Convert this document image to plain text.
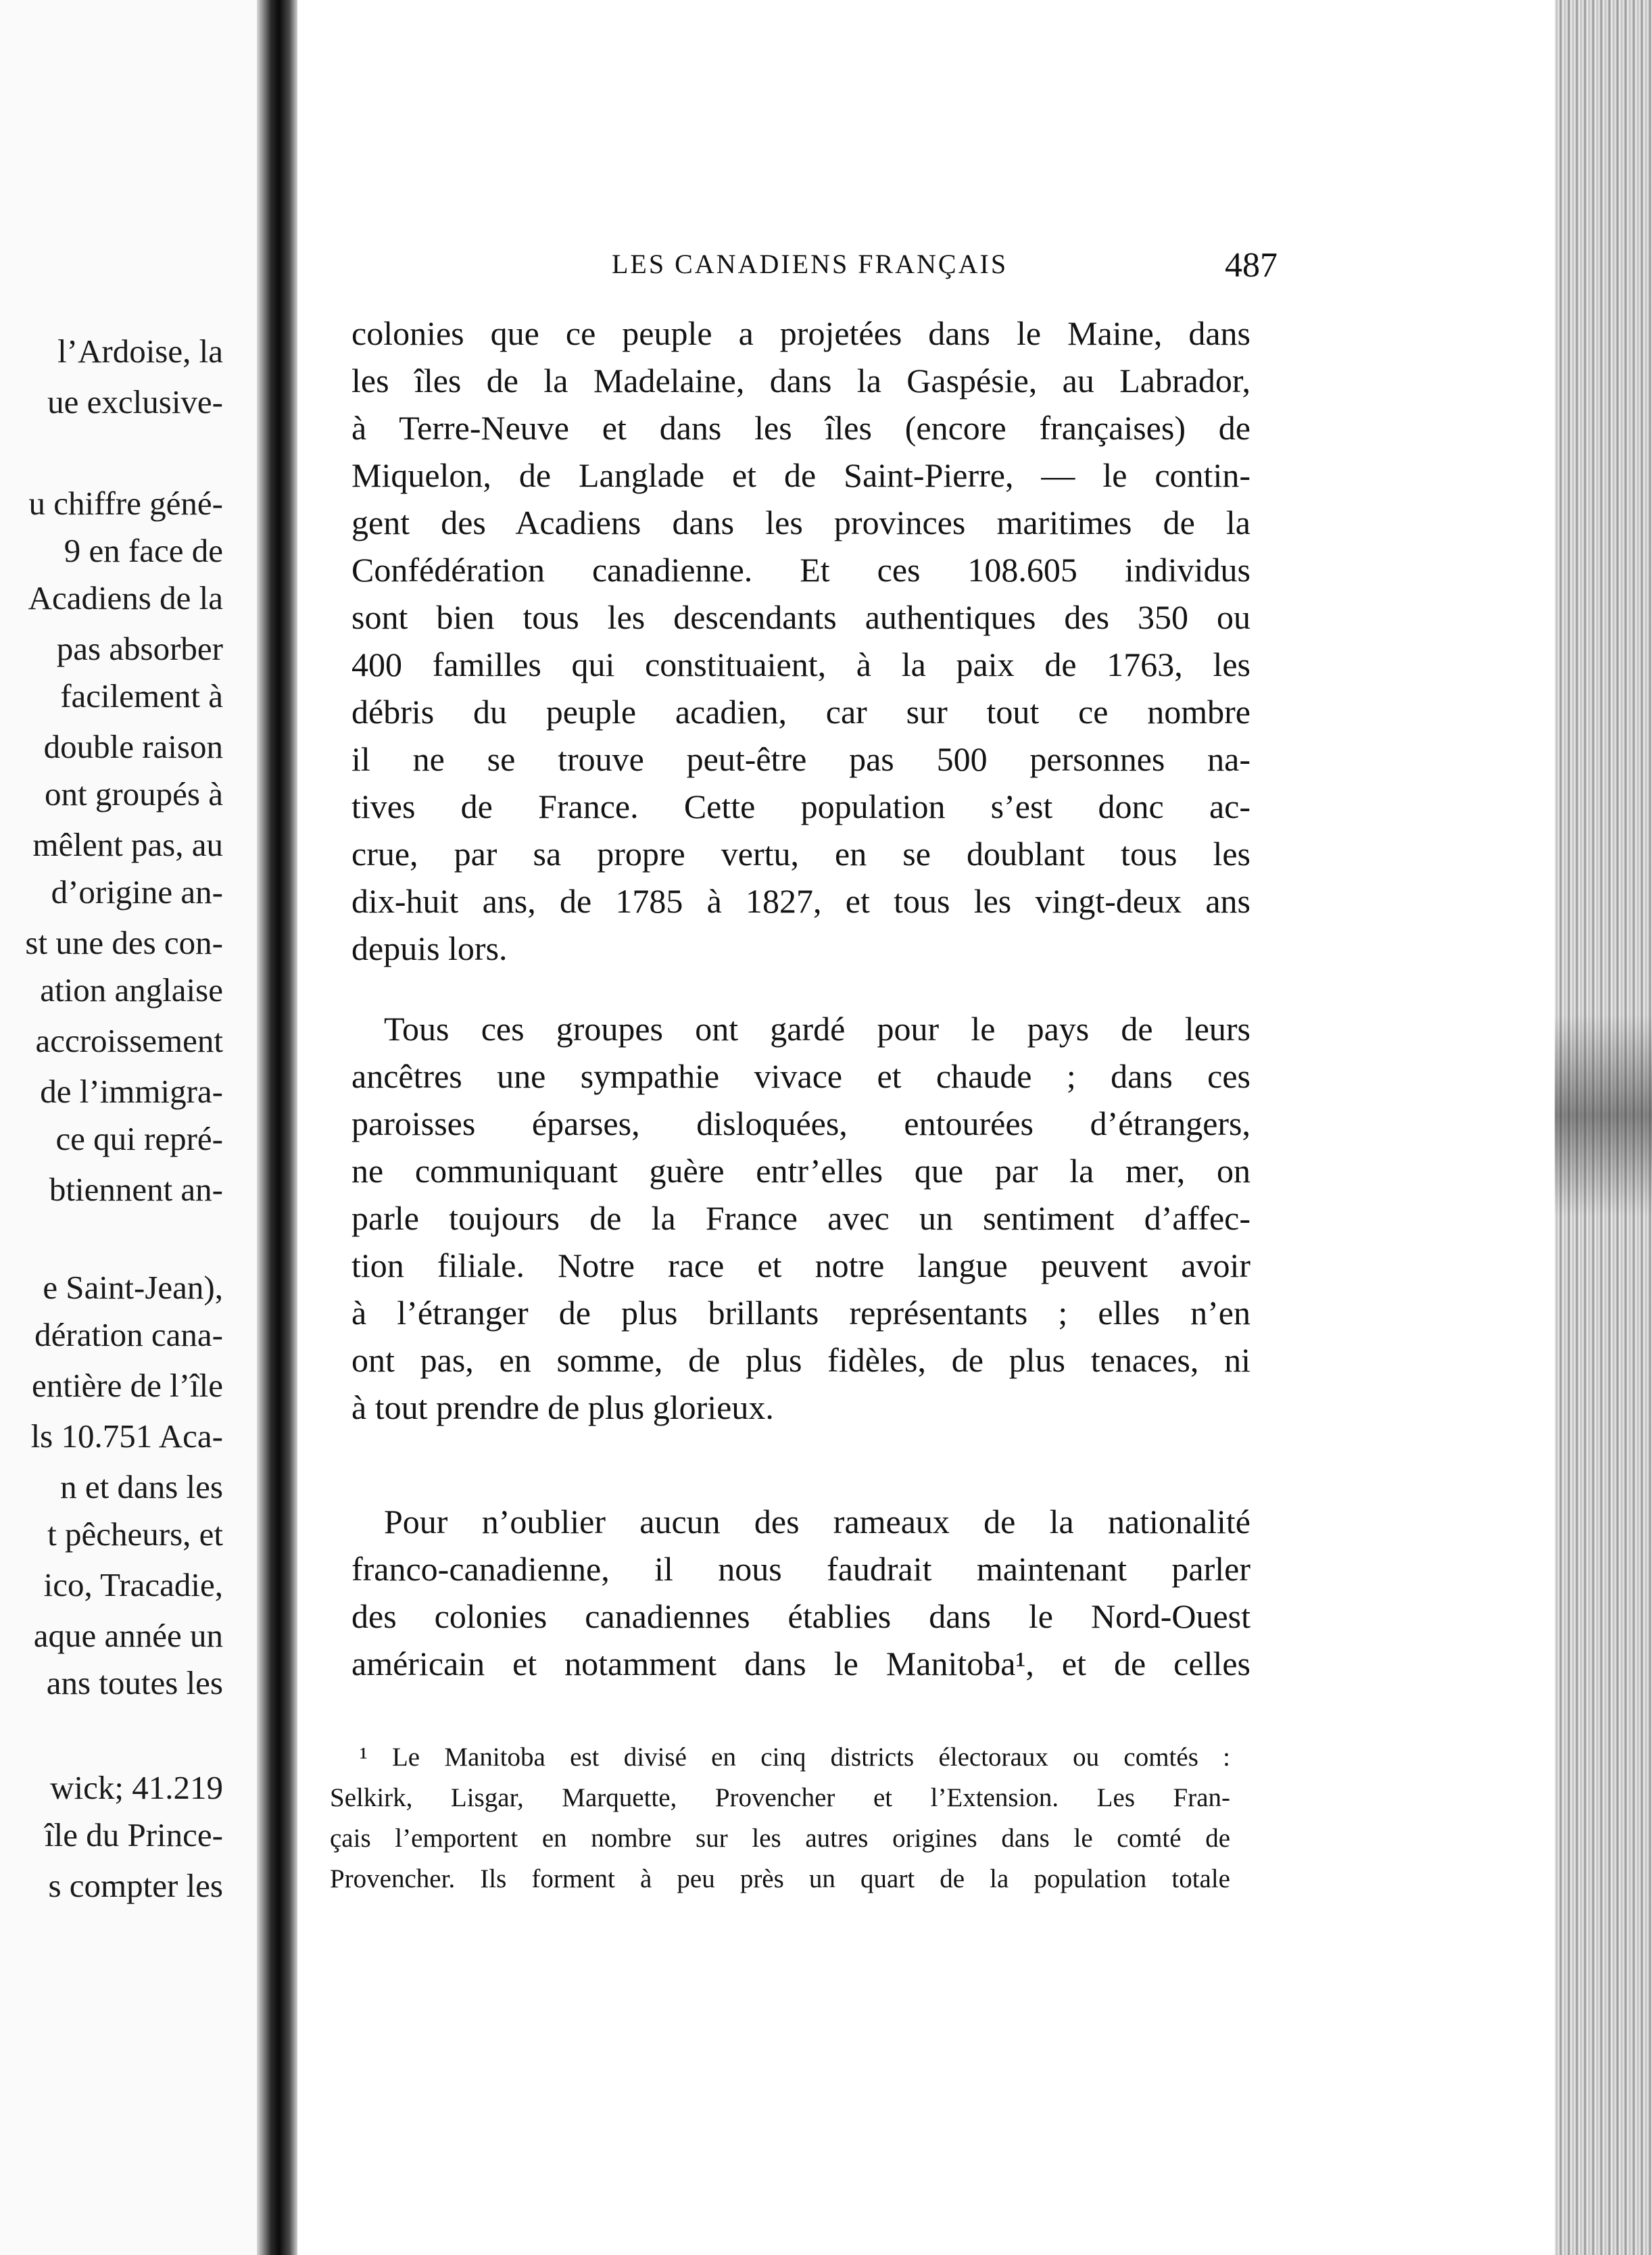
l’Ardoise, la
ue exclusive-
u chiffre géné-
9 en face de
Acadiens de la
pas absorber
facilement à
double raison
ont groupés à
mêlent pas, au
d’origine an-
st une des con-
ation anglaise
accroissement
de l’immigra-
ce qui repré-
btiennent an-
e Saint-Jean),
dération cana-
entière de l’île
ls 10.751 Aca-
n et dans les
t pêcheurs, et
ico, Tracadie,
aque année un
ans toutes les
wick; 41.219
île du Prince-
s compter les
LES CANADIENS FRANÇAIS	487
colonies que ce peuple a projetées dans le Maine, dans
les îles de la Madelaine, dans la Gaspésie, au Labrador,
à Terre-Neuve et dans les îles (encore françaises) de
Miquelon, de Langlade et de Saint-Pierre, — le contin-
gent des Acadiens dans les provinces maritimes de la
Confédération canadienne. Et ces 108.605 individus
sont bien tous les descendants authentiques des 350 ou
400 familles qui constituaient, à la paix de 1763, les
débris du peuple acadien, car sur tout ce nombre
il ne se trouve peut-être pas 500 personnes na-
tives de France. Cette population s’est donc ac-
crue, par sa propre vertu, en se doublant tous les
dix-huit ans, de 1785 à 1827, et tous les vingt-deux ans
depuis lors.
Tous ces groupes ont gardé pour le pays de leurs
ancêtres une sympathie vivace et chaude ; dans ces
paroisses éparses, disloquées, entourées d’étrangers,
ne communiquant guère entr’elles que par la mer, on
parle toujours de la France avec un sentiment d’affec-
tion filiale. Notre race et notre langue peuvent avoir
à l’étranger de plus brillants représentants ; elles n’en
ont pas, en somme, de plus fidèles, de plus tenaces, ni
à tout prendre de plus glorieux.
Pour n’oublier aucun des rameaux de la nationalité
franco-canadienne, il nous faudrait maintenant parler
des colonies canadiennes établies dans le Nord-Ouest
américain et notamment dans le Manitoba¹, et de celles
¹ Le Manitoba est divisé en cinq districts électoraux ou comtés :
Selkirk, Lisgar, Marquette, Provencher et l’Extension. Les Fran-
çais l’emportent en nombre sur les autres origines dans le comté de
Provencher. Ils forment à peu près un quart de la population totale
